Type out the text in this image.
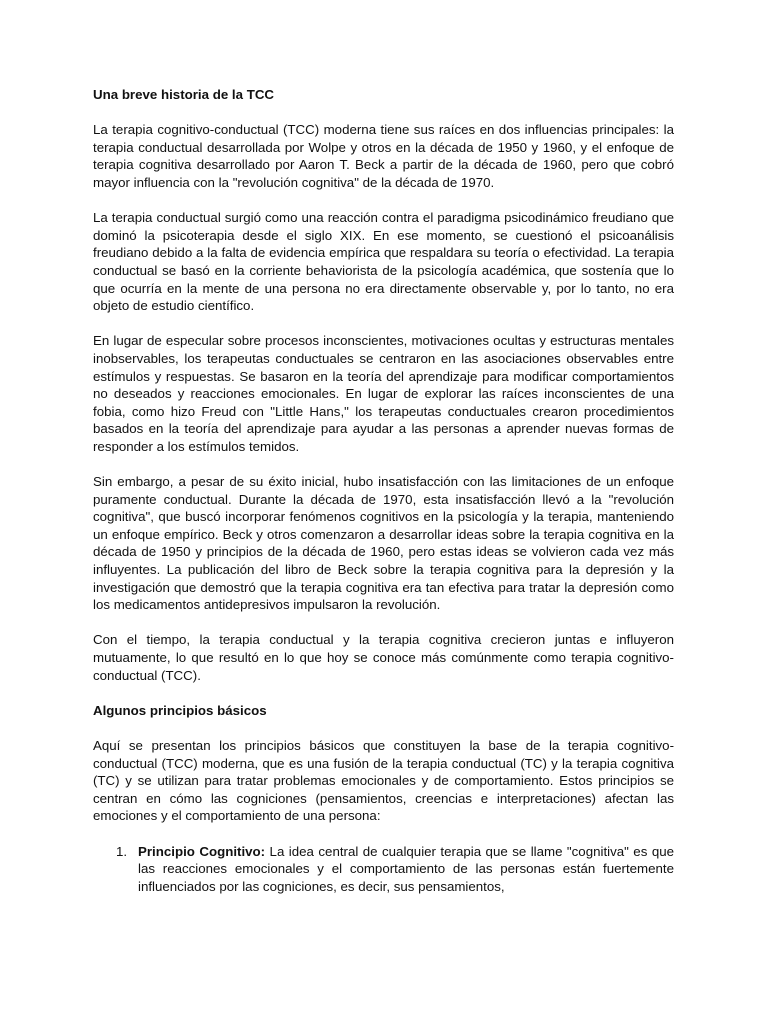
Una breve historia de la TCC

La terapia cognitivo-conductual (TCC) moderna tiene sus raíces en dos influencias principales: la terapia conductual desarrollada por Wolpe y otros en la década de 1950 y 1960, y el enfoque de terapia cognitiva desarrollado por Aaron T. Beck a partir de la década de 1960, pero que cobró mayor influencia con la "revolución cognitiva" de la década de 1970.

La terapia conductual surgió como una reacción contra el paradigma psicodinámico freudiano que dominó la psicoterapia desde el siglo XIX. En ese momento, se cuestionó el psicoanálisis freudiano debido a la falta de evidencia empírica que respaldara su teoría o efectividad. La terapia conductual se basó en la corriente behaviorista de la psicología académica, que sostenía que lo que ocurría en la mente de una persona no era directamente observable y, por lo tanto, no era objeto de estudio científico.

En lugar de especular sobre procesos inconscientes, motivaciones ocultas y estructuras mentales inobservables, los terapeutas conductuales se centraron en las asociaciones observables entre estímulos y respuestas. Se basaron en la teoría del aprendizaje para modificar comportamientos no deseados y reacciones emocionales. En lugar de explorar las raíces inconscientes de una fobia, como hizo Freud con "Little Hans," los terapeutas conductuales crearon procedimientos basados en la teoría del aprendizaje para ayudar a las personas a aprender nuevas formas de responder a los estímulos temidos.

Sin embargo, a pesar de su éxito inicial, hubo insatisfacción con las limitaciones de un enfoque puramente conductual. Durante la década de 1970, esta insatisfacción llevó a la "revolución cognitiva", que buscó incorporar fenómenos cognitivos en la psicología y la terapia, manteniendo un enfoque empírico. Beck y otros comenzaron a desarrollar ideas sobre la terapia cognitiva en la década de 1950 y principios de la década de 1960, pero estas ideas se volvieron cada vez más influyentes. La publicación del libro de Beck sobre la terapia cognitiva para la depresión y la investigación que demostró que la terapia cognitiva era tan efectiva para tratar la depresión como los medicamentos antidepresivos impulsaron la revolución.

Con el tiempo, la terapia conductual y la terapia cognitiva crecieron juntas e influyeron mutuamente, lo que resultó en lo que hoy se conoce más comúnmente como terapia cognitivo-conductual (TCC).

Algunos principios básicos

Aquí se presentan los principios básicos que constituyen la base de la terapia cognitivo-conductual (TCC) moderna, que es una fusión de la terapia conductual (TC) y la terapia cognitiva (TC) y se utilizan para tratar problemas emocionales y de comportamiento. Estos principios se centran en cómo las cogniciones (pensamientos, creencias e interpretaciones) afectan las emociones y el comportamiento de una persona:

1. Principio Cognitivo: La idea central de cualquier terapia que se llame "cognitiva" es que las reacciones emocionales y el comportamiento de las personas están fuertemente influenciados por las cogniciones, es decir, sus pensamientos,
